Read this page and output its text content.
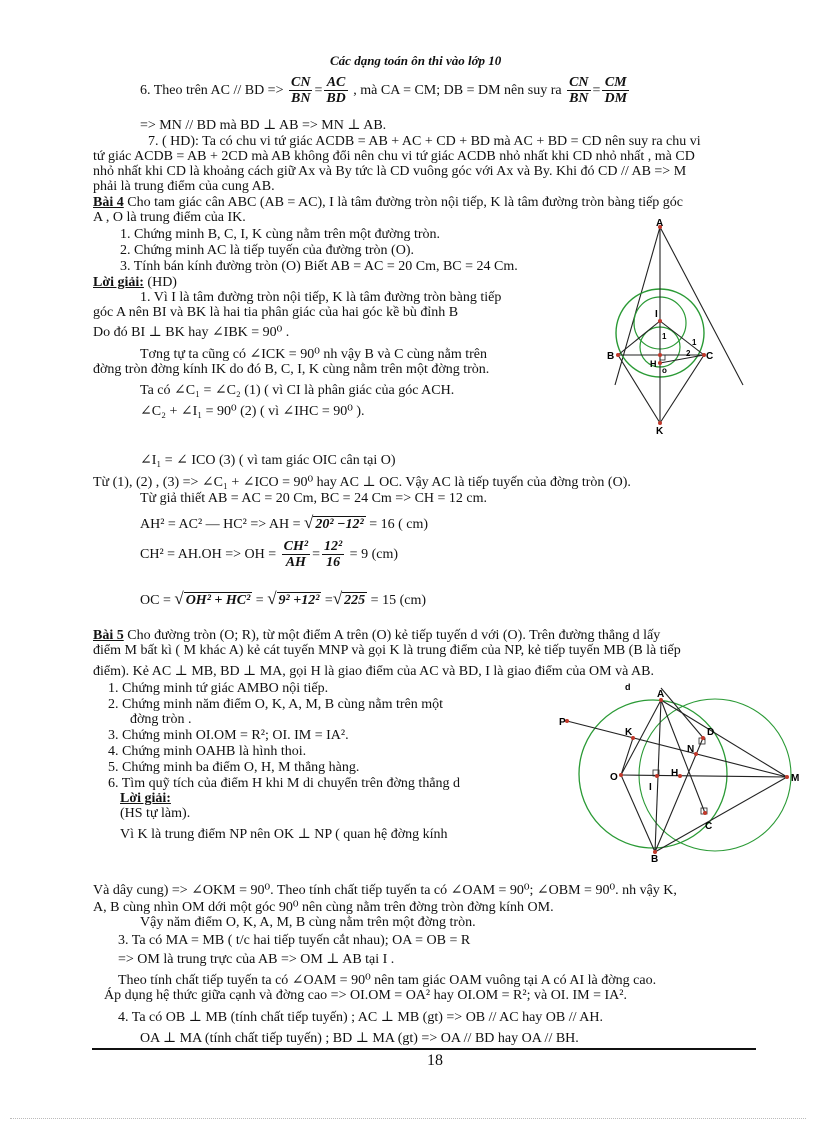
Các dạng toán ôn thi vào lớp 10
6. Theo trên AC // BD => $\frac{CN}{BN} = \frac{AC}{BD}$ , mà CA = CM; DB = DM nên suy ra $\frac{CN}{BN} = \frac{CM}{DM}$
=> MN // BD mà BD ⊥ AB => MN ⊥ AB.
7. ( HD): Ta có chu vi tứ giác ACDB = AB + AC + CD + BD mà AC + BD = CD nên suy ra chu vi
tứ giác ACDB = AB + 2CD mà AB không đổi nên chu vi tứ giác ACDB nhỏ nhất khi CD nhỏ nhất , mà CD
nhỏ nhất khi CD là khoảng cách giữ Ax và By tức là CD vuông góc với Ax và By. Khi đó CD // AB => M
phải là trung điểm của cung AB.
Bài 4 Cho tam giác cân ABC (AB = AC), I là tâm đường tròn nội tiếp, K là tâm đường tròn bàng tiếp góc
A , O là trung điểm của IK.
1. Chứng minh B, C, I, K cùng nằm trên một đường tròn.
2. Chứng minh AC là tiếp tuyến của đường tròn (O).
3. Tính bán kính đường tròn (O) Biết AB = AC = 20 Cm, BC = 24 Cm.
Lời giải: (HD)
1. Vì I là tâm đường tròn nội tiếp, K là tâm đường tròn bàng tiếp
góc A nên BI và BK là hai tia phân giác của hai góc kề bù đỉnh B
Do đó BI ⊥ BK hay ∠IBK = 90⁰ .
Tơng tự ta cũng có ∠ICK = 90⁰ nh vậy B và C cùng nằm trên
đờng tròn đờng kính IK do đó B, C, I, K cùng nằm trên một đờng tròn.
Ta có ∠C₁ = ∠C₂ (1) ( vì CI là phân giác của góc ACH.
∠C₂ + ∠I₁ = 90⁰ (2) ( vì ∠IHC = 90⁰ ).
∠I₁ = ∠ ICO (3) ( vì tam giác OIC cân tại O)
Từ (1), (2) , (3) => ∠C₁ + ∠ICO = 90⁰ hay AC ⊥ OC. Vậy AC là tiếp tuyến của đờng tròn (O).
Từ giả thiết AB = AC = 20 Cm, BC = 24 Cm => CH = 12 cm.
AH² = AC² — HC² => AH = √ 20² −12² = 16 ( cm)
CH² = AH.OH => OH = $\frac{\text{CH²}}{AH} = \frac{\text{12²}}{16} = 9$ (cm)
OC = √ OH² + HC² = √ 9² +12² =√ 225 = 15 (cm)
A
I
1
1
2
B
H
C
o
K
Bài 5 Cho đường tròn (O; R), từ một điểm A trên (O) kẻ tiếp tuyến d với (O). Trên đường thẳng d lấy
điểm M bất kì ( M khác A) kẻ cát tuyến MNP và gọi K là trung điểm của NP, kẻ tiếp tuyến MB (B là tiếp
điểm). Kẻ AC ⊥ MB, BD ⊥ MA, gọi H là giao điểm của AC và BD, I là giao điểm của OM và AB.
1. Chứng minh tứ giác AMBO nội tiếp.
2. Chứng minh năm điểm O, K, A, M, B cùng nằm trên một
đờng tròn .
3. Chứng minh OI.OM = R²; OI. IM = IA².
4. Chứng minh OAHB là hình thoi.
5. Chứng minh ba điểm O, H, M thẳng hàng.
6. Tìm quỹ tích của điểm H khi M di chuyển trên đờng thẳng d
Lời giải:
(HS tự làm).
Vì K là trung điểm NP nên OK ⊥ NP ( quan hệ đờng kính
Và dây cung) => ∠OKM = 90⁰. Theo tính chất tiếp tuyến ta có ∠OAM = 90⁰; ∠OBM = 90⁰. nh vậy K,
A, B cùng nhìn OM dới một góc 90⁰ nên cùng nằm trên đờng tròn đờng kính OM.
Vậy năm điểm O, K, A, M, B cùng nằm trên một đờng tròn.
3. Ta có MA = MB ( t/c hai tiếp tuyến cắt nhau); OA = OB = R
=> OM là trung trực của AB => OM ⊥ AB tại I .
Theo tính chất tiếp tuyến ta có ∠OAM = 90⁰ nên tam giác OAM vuông tại A có AI là đờng cao.
Áp dụng hệ thức giữa cạnh và đờng cao => OI.OM = OA² hay OI.OM = R²; và OI. IM = IA².
4. Ta có OB ⊥ MB (tính chất tiếp tuyến) ; AC ⊥ MB (gt) => OB // AC hay OB // AH.
OA ⊥ MA (tính chất tiếp tuyến) ; BD ⊥ MA (gt) => OA // BD hay OA // BH.
d
A
P
K	D
N
O	H	M
I
C
B
18
